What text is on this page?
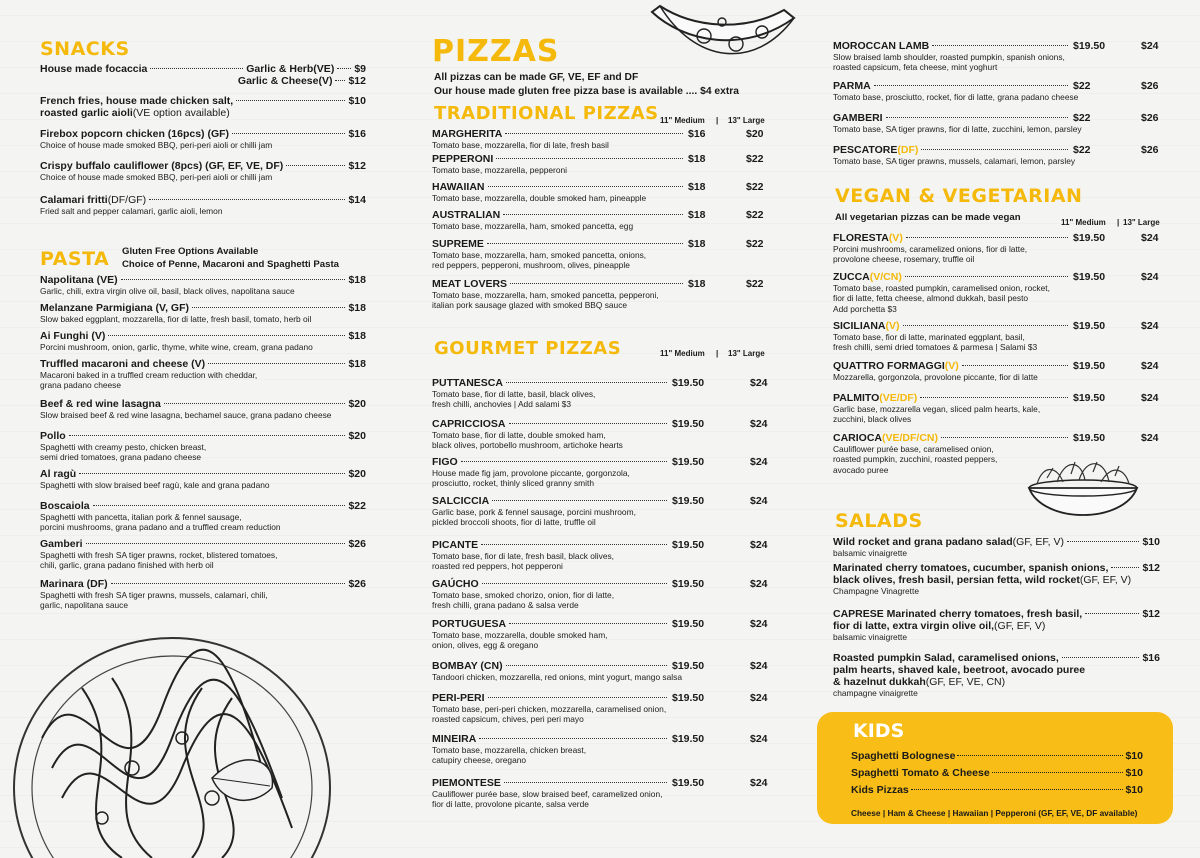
SNACKS
House made focaccia	Garlic & Herb(VE) $9
Garlic & Cheese(V) $12
French fries, house made chicken salt,	$10
roasted garlic aioli (VE option available)
Firebox popcorn chicken (16pcs) (GF)	$16
Choice of house made smoked BBQ, peri-peri aioli or chilli jam
Crispy buffalo cauliflower (8pcs) (GF, EF, VE, DF)	$12
Choice of house made smoked BBQ, peri-peri aioli or chilli jam
Calamari fritti (DF/GF)	$14
Fried salt and pepper calamari, garlic aioli, lemon
PASTA Gluten Free Options Available
Choice of Penne, Macaroni and Spaghetti Pasta
Napolitana (VE)	$18
Garlic, chili, extra virgin olive oil, basil, black olives, napolitana sauce
Melanzane Parmigiana (V, GF)	$18
Slow baked eggplant, mozzarella, fior di latte, fresh basil, tomato, herb oil
Ai Funghi (V)	$18
Porcini mushroom, onion, garlic, thyme, white wine, cream, grana padano
Truffled macaroni and cheese (V)	$18
Macaroni baked in a truffled cream reduction with cheddar,
grana padano cheese
Beef & red wine lasagna	$20
Slow braised beef & red wine lasagna, bechamel sauce, grana padano cheese
Pollo	$20
Spaghetti with creamy pesto, chicken breast,
semi dried tomatoes, grana padano cheese
Al ragù	$20
Spaghetti with slow braised beef ragù, kale and grana padano
Boscaiola	$22
Spaghetti with pancetta, italian pork & fennel sausage,
porcini mushrooms, grana padano and a truffled cream reduction
Gamberi	$26
Spaghetti with fresh SA tiger prawns, rocket, blistered tomatoes,
chili, garlic, grana padano finished with herb oil
Marinara (DF)	$26
Spaghetti with fresh SA tiger prawns, mussels, calamari, chili,
garlic, napolitana sauce
PIZZAS
All pizzas can be made GF, VE, EF and DF
Our house made gluten free pizza base is available .... $4 extra
TRADITIONAL PIZZAS 11" Medium | 13" Large
MARGHERITA	$16	$20
Tomato base, mozzarella, fior di late, fresh basil
PEPPERONI	$18	$22
Tomato base, mozzarella, pepperoni
HAWAIIAN	$18	$22
Tomato base, mozzarella, double smoked ham, pineapple
AUSTRALIAN	$18	$22
Tomato base, mozzarella, ham, smoked pancetta, egg
SUPREME	$18	$22
Tomato base, mozzarella, ham, smoked pancetta, onions,
red peppers, pepperoni, mushroom, olives, pineapple
MEAT LOVERS	$18	$22
Tomato base, mozzarella, ham, smoked pancetta, pepperoni,
italian pork sausage glazed with smoked BBQ sauce
GOURMET PIZZAS	11" Medium | 13" Large
PUTTANESCA	$19.50	$24
Tomato base, fior di latte, basil, black olives,
fresh chilli, anchovies | Add salami $3
CAPRICCIOSA	$19.50	$24
Tomato base, fior di latte, double smoked ham,
black olives, portobello mushroom, artichoke hearts
FIGO	$19.50	$24
House made fig jam, provolone piccante, gorgonzola,
prosciutto, rocket, thinly sliced granny smith
SALCICCIA	$19.50	$24
Garlic base, pork & fennel sausage, porcini mushroom,
pickled broccoli shoots, fior di latte, truffle oil
PICANTE	$19.50	$24
Tomato base, fior di late, fresh basil, black olives,
roasted red peppers, hot pepperoni
GAÚCHO	$19.50	$24
Tomato base, smoked chorizo, onion, fior di latte,
fresh chilli, grana padano & salsa verde
PORTUGUESA	$19.50	$24
Tomato base, mozzarella, double smoked ham,
onion, olives, egg & oregano
BOMBAY (CN)	$19.50	$24
Tandoori chicken, mozzarella, red onions, mint yogurt, mango salsa
PERI-PERI	$19.50	$24
Tomato base, peri-peri chicken, mozzarella, caramelised onion,
roasted capsicum, chives, peri peri mayo
MINEIRA	$19.50	$24
Tomato base, mozzarella, chicken breast,
catupiry cheese, oregano
PIEMONTESE	$19.50	$24
Cauliflower purée base, slow braised beef, caramelized onion,
fior di latte, provolone picante, salsa verde
MOROCCAN LAMB	$19.50	$24
Slow braised lamb shoulder, roasted pumpkin, spanish onions,
roasted capsicum, feta cheese, mint yoghurt
PARMA	$22	$26
Tomato base, prosciutto, rocket, fior di latte, grana padano cheese
GAMBERI	$22	$26
Tomato base, SA tiger prawns, fior di latte, zucchini, lemon, parsley
PESCATORE (DF)	$22	$26
Tomato base, SA tiger prawns, mussels, calamari, lemon, parsley
VEGAN & VEGETARIAN
All vegetarian pizzas can be made vegan	11" Medium | 13" Large
FLORESTA (V)	$19.50	$24
Porcini mushrooms, caramelized onions, fior di latte,
provolone cheese, rosemary, truffle oil
ZUCCA (V/CN)	$19.50	$24
Tomato base, roasted pumpkin, caramelised onion, rocket,
fior di latte, fetta cheese, almond dukkah, basil pesto
Add porchetta $3
SICILIANA (V)	$19.50	$24
Tomato base, fior di latte, marinated eggplant, basil,
fresh chilli, semi dried tomatoes & parmesa | Salami $3
QUATTRO FORMAGGI (V)	$19.50	$24
Mozzarella, gorgonzola, provolone piccante, fior di latte
PALMITO (VE/DF)	$19.50	$24
Garlic base, mozzarella vegan, sliced palm hearts, kale,
zucchini, black olives
CARIOCA (VE/DF/CN)	$19.50	$24
Cauliflower purée base, caramelised onion,
roasted pumpkin, zucchini, roasted peppers,
avocado puree
SALADS
Wild rocket and grana padano salad (GF, EF, V)	$10
balsamic vinaigrette
Marinated cherry tomatoes, cucumber, spanish onions,	$12
black olives, fresh basil, persian fetta, wild rocket (GF, EF, V)
Champagne Vinagrette
CAPRESE Marinated cherry tomatoes, fresh basil,	$12
fior di latte, extra virgin olive oil, (GF, EF, V)
balsamic vinaigrette
Roasted pumpkin Salad, caramelised onions,	$16
palm hearts, shaved kale, beetroot, avocado puree
& hazelnut dukkah (GF, EF, VE, CN)
champagne vinaigrette
KIDS
Spaghetti Bolognese	$10
Spaghetti Tomato & Cheese	$10
Kids Pizzas	$10
Cheese | Ham & Cheese | Hawaiian | Pepperoni (GF, EF, VE, DF available)
